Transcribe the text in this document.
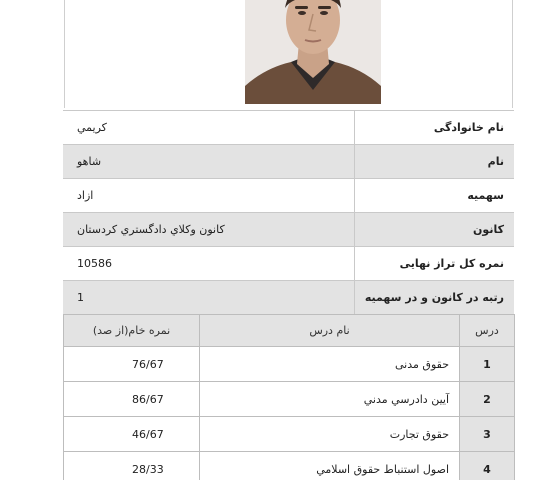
كريمي	نام خانوادگی
شاهو	نام
ازاد	سهمیه
كانون وكلاي دادگستري كردستان	کانون
10586	نمره کل تراز نهایی
1	رتبه در کانون و در سهمیه
(نمره خام(از صد	نام درس	درس
76/67	حقوق مدنی	1
86/67	آیین دادرسي مدني	2
46/67	حقوق تجارت	3
28/33	اصول استنباط حقوق اسلامي	4
